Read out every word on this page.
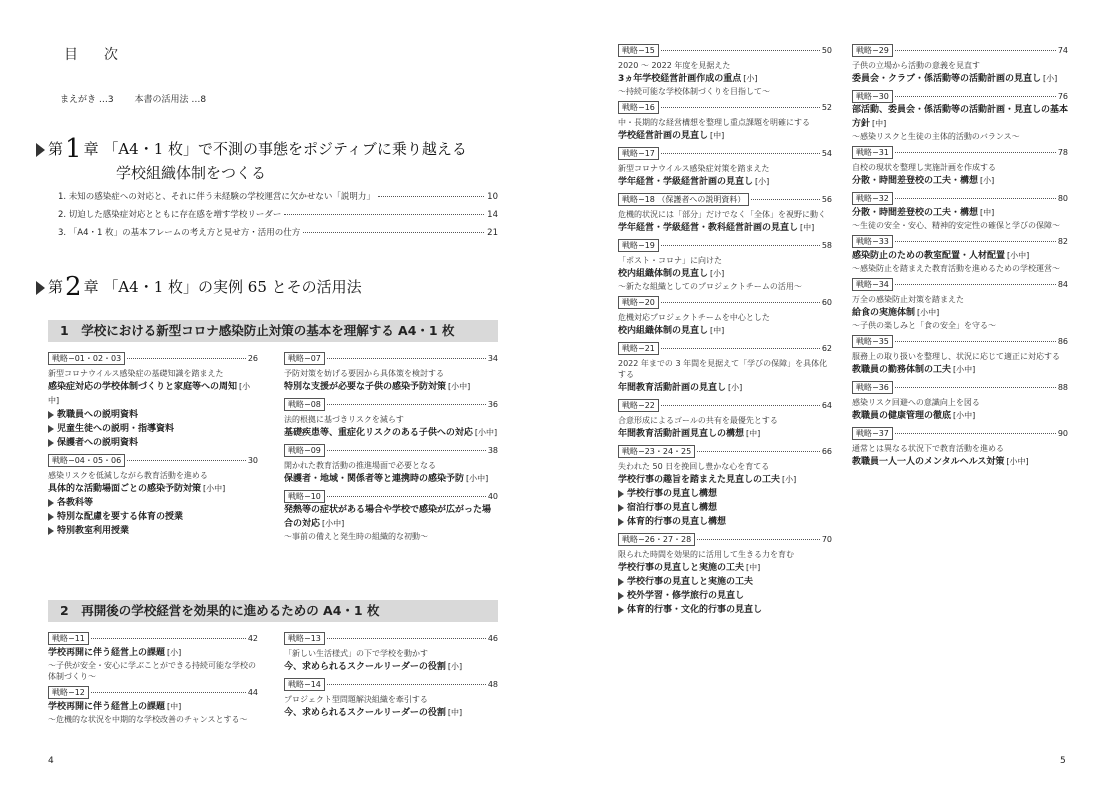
目　次
まえがき …3 本書の活用法 …8
第1 章 「A4・1 枚」で不測の事態をポジティブに乗り越える
学校組織体制をつくる
1. 未知の感染症への対応と、それに伴う未経験の学校運営に欠かせない「説明力」	10
2. 切迫した感染症対応とともに存在感を増す学校リーダー	14
3. 「A4・1 枚」の基本フレームの考え方と見せ方・活用の仕方	21
第2 章 「A4・1 枚」の実例 65 とその活用法
1　学校における新型コロナ感染防止対策の基本を理解する A4・1 枚
戦略−01・02・03	26
新型コロナウイルス感染症の基礎知識を踏まえた
感染症対応の学校体制づくりと家庭等への周知 [小中]
教職員への説明資料
児童生徒への説明・指導資料
保護者への説明資料
戦略−04・05・06	30
感染リスクを低減しながら教育活動を進める
具体的な活動場面ごとの感染予防対策 [小中]
各教科等
特別な配慮を要する体育の授業
特別教室利用授業
戦略−07	34
予防対策を妨げる要因から具体策を検討する
特別な支援が必要な子供の感染予防対策 [小中]
戦略−08	36
法的根拠に基づきリスクを減らす
基礎疾患等、重症化リスクのある子供への対応 [小中]
戦略−09	38
開かれた教育活動の推進場面で必要となる
保護者・地域・関係者等と連携時の感染予防 [小中]
戦略−10	40
発熱等の症状がある場合や学校で感染が広がった場合の対応 [小中]
〜事前の備えと発生時の組織的な初動〜
2　再開後の学校経営を効果的に進めるための A4・1 枚
戦略−11	42
学校再開に伴う経営上の課題 [小]
〜子供が安全・安心に学ぶことができる持続可能な学校の体制づくり〜
戦略−12	44
学校再開に伴う経営上の課題 [中]
〜危機的な状況を中期的な学校改善のチャンスとする〜
戦略−13	46
「新しい生活様式」の下で学校を動かす
今、求められるスクールリーダーの役割 [小]
戦略−14	48
プロジェクト型問題解決組織を牽引する
今、求められるスクールリーダーの役割 [中]
4
戦略−15	50
2020 〜 2022 年度を見据えた
3ヵ年学校経営計画作成の重点 [小]
〜持続可能な学校体制づくりを目指して〜
戦略−16	52
中・長期的な経営構想を整理し重点課題を明確にする
学校経営計画の見直し [中]
戦略−17	54
新型コロナウイルス感染症対策を踏まえた
学年経営・学級経営計画の見直し [小]
戦略−18 （保護者への説明資料）	56
危機的状況には「部分」だけでなく「全体」を視野に動く
学年経営・学級経営・教科経営計画の見直し [中]
戦略−19	58
「ポスト・コロナ」に向けた
校内組織体制の見直し [小]
〜新たな組織としてのプロジェクトチームの活用〜
戦略−20	60
危機対応プロジェクトチームを中心とした
校内組織体制の見直し [中]
戦略−21	62
2022 年までの 3 年間を見据えて「学びの保障」を具体化する
年間教育活動計画の見直し [小]
戦略−22	64
合意形成によるゴールの共有を最優先とする
年間教育活動計画見直しの構想 [中]
戦略−23・24・25	66
失われた 50 日を挽回し豊かな心を育てる
学校行事の趣旨を踏まえた見直しの工夫 [小]
学校行事の見直し構想
宿泊行事の見直し構想
体育的行事の見直し構想
戦略−26・27・28	70
限られた時間を効果的に活用して生きる力を育む
学校行事の見直しと実施の工夫 [中]
学校行事の見直しと実施の工夫
校外学習・修学旅行の見直し
体育的行事・文化的行事の見直し
戦略−29	74
子供の立場から活動の意義を見直す
委員会・クラブ・係活動等の活動計画の見直し [小]
戦略−30	76
部活動、委員会・係活動等の活動計画・見直しの基本方針 [中]
〜感染リスクと生徒の主体的活動のバランス〜
戦略−31	78
自校の現状を整理し実施計画を作成する
分散・時間差登校の工夫・構想 [小]
戦略−32	80
分散・時間差登校の工夫・構想 [中]
〜生徒の安全・安心、精神的安定性の確保と学びの保障〜
戦略−33	82
感染防止のための教室配置・人材配置 [小中]
〜感染防止を踏まえた教育活動を進めるための学校運営〜
戦略−34	84
万全の感染防止対策を踏まえた
給食の実施体制 [小中]
〜子供の楽しみと「食の安全」を守る〜
戦略−35	86
服務上の取り扱いを整理し、状況に応じて適正に対応する
教職員の勤務体制の工夫 [小中]
戦略−36	88
感染リスク回避への意識向上を図る
教職員の健康管理の徹底 [小中]
戦略−37	90
通常とは異なる状況下で教育活動を進める
教職員一人一人のメンタルヘルス対策 [小中]
5
